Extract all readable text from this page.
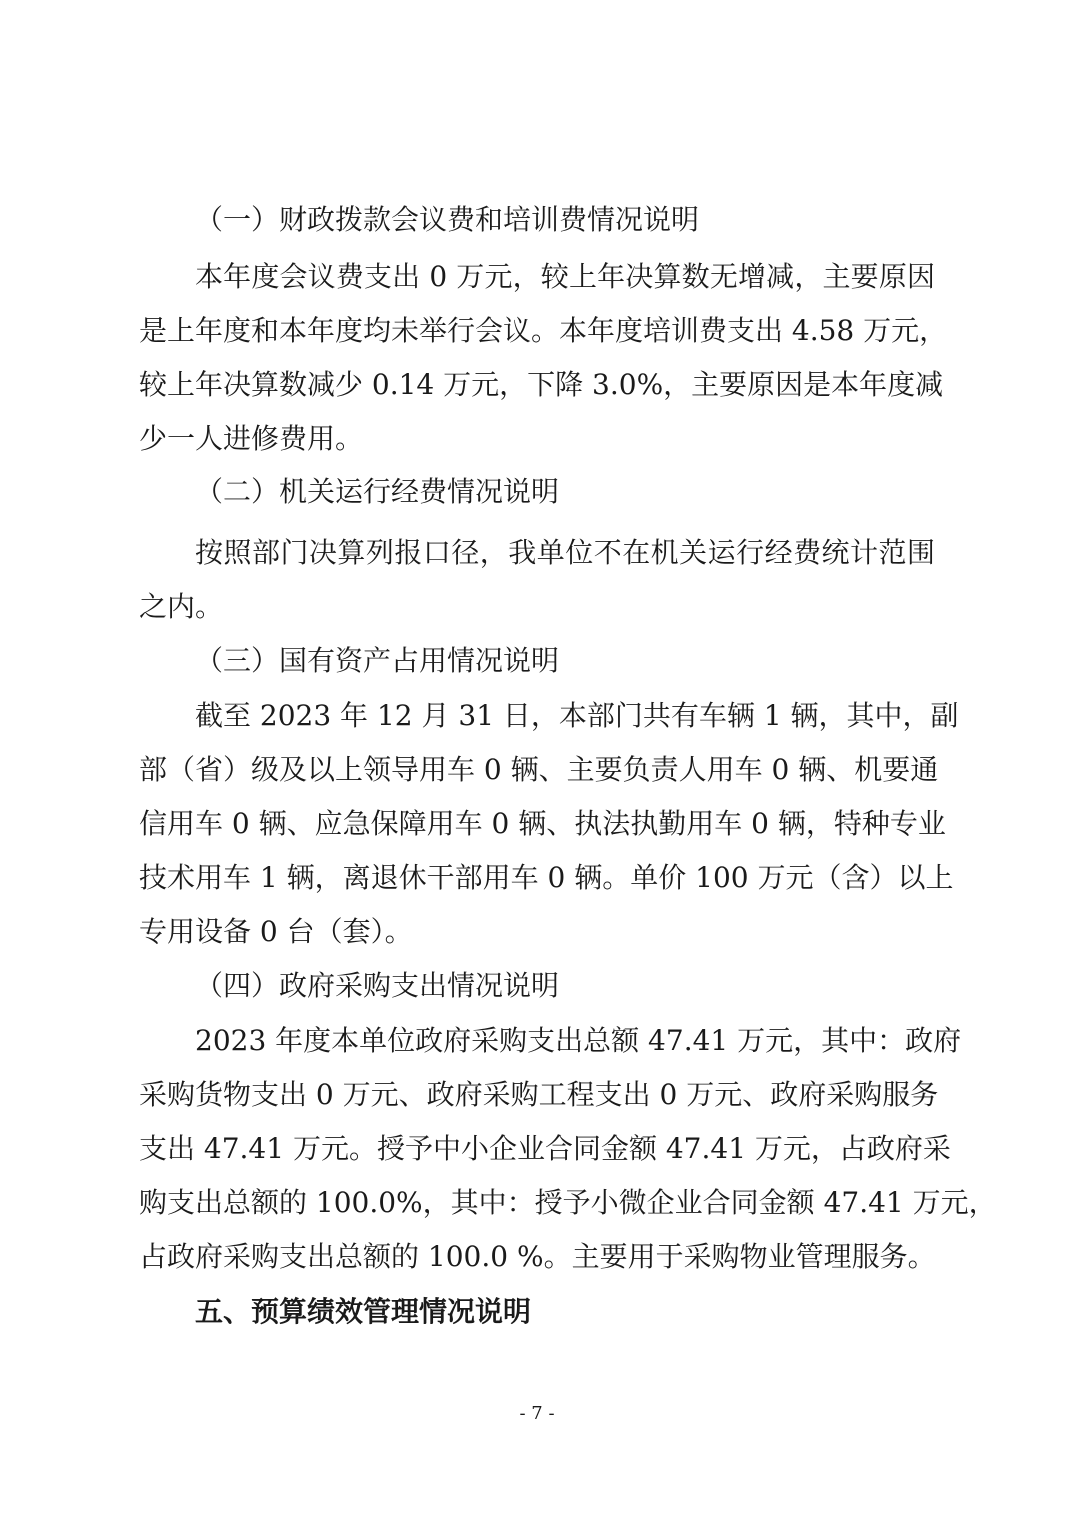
（一）财政拨款会议费和培训费情况说明
本年度会议费支出 0 万元，较上年决算数无增减，主要原因
是上年度和本年度均未举行会议。本年度培训费支出 4.58 万元，
较上年决算数减少 0.14 万元，下降 3.0%，主要原因是本年度减
少一人进修费用。
（二）机关运行经费情况说明
按照部门决算列报口径，我单位不在机关运行经费统计范围
之内。
（三）国有资产占用情况说明
截至 2023 年 12 月 31 日，本部门共有车辆 1 辆，其中，副
部（省）级及以上领导用车 0 辆、主要负责人用车 0 辆、机要通
信用车 0 辆、应急保障用车 0 辆、执法执勤用车 0 辆，特种专业
技术用车 1 辆，离退休干部用车 0 辆。单价 100 万元（含）以上
专用设备 0 台（套）。
（四）政府采购支出情况说明
2023 年度本单位政府采购支出总额 47.41 万元，其中：政府
采购货物支出 0 万元、政府采购工程支出 0 万元、政府采购服务
支出 47.41 万元。授予中小企业合同金额 47.41 万元，占政府采
购支出总额的 100.0%，其中：授予小微企业合同金额 47.41 万元，
占政府采购支出总额的 100.0 %。主要用于采购物业管理服务。
五、预算绩效管理情况说明
- 7 -
